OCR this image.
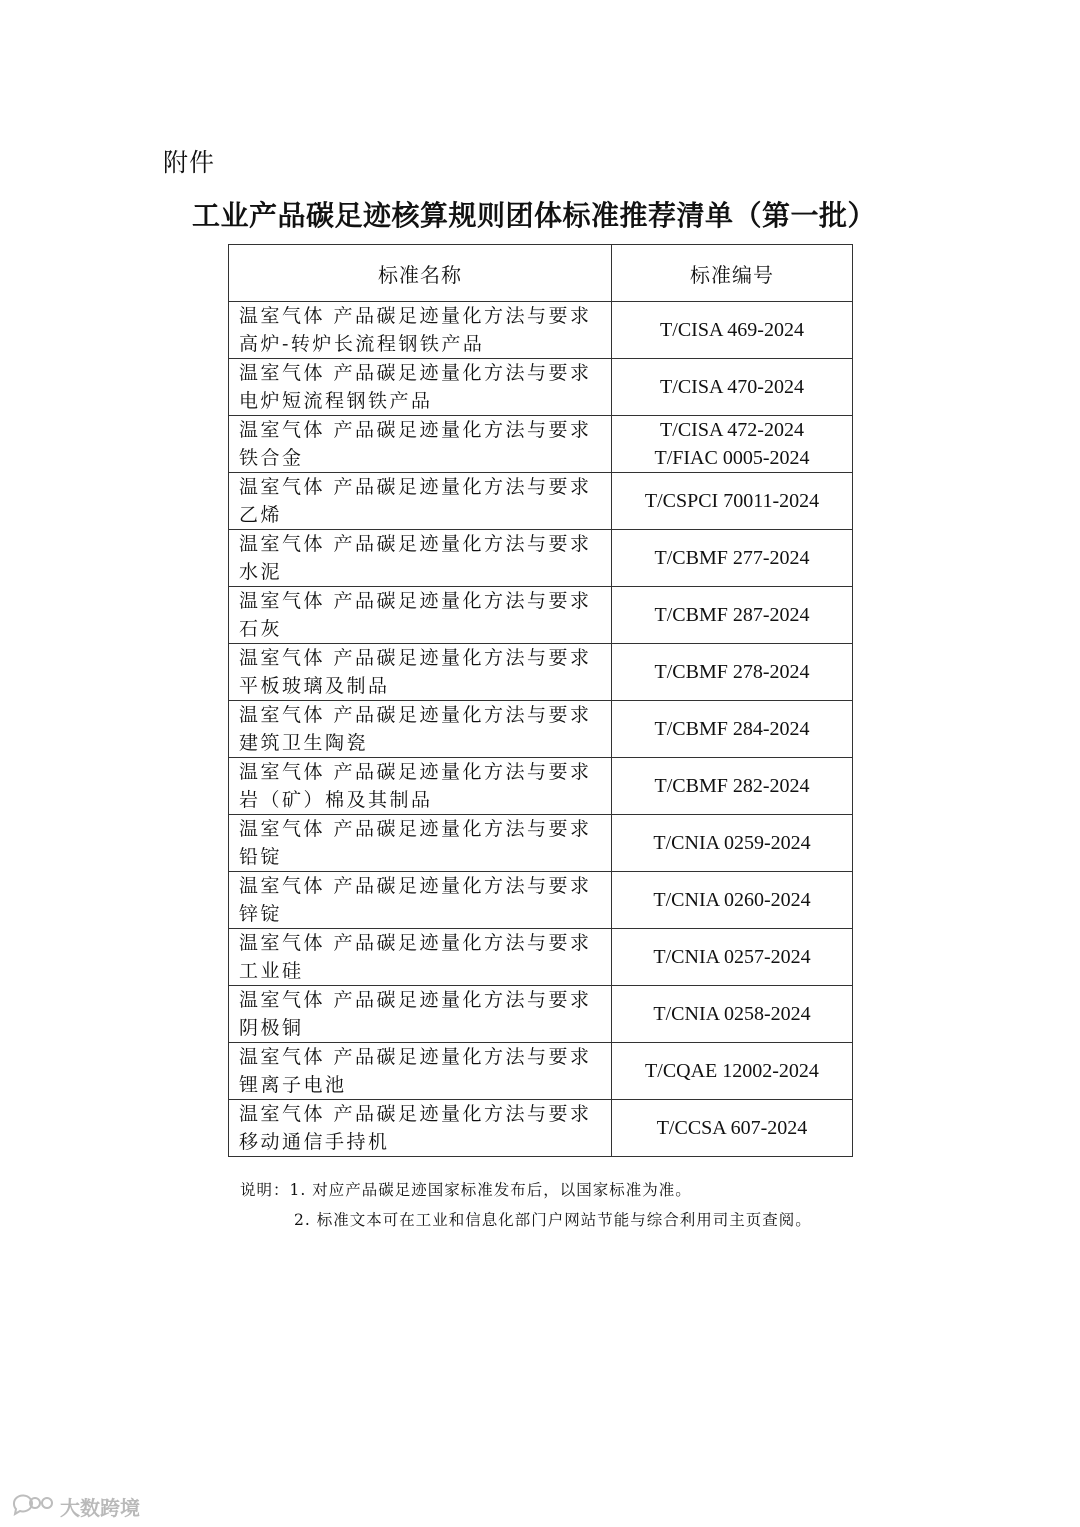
附件
工业产品碳足迹核算规则团体标准推荐清单（第一批）
标准名称	标准编号

温室气体 产品碳足迹量化方法与要求
高炉-转炉长流程钢铁产品	T/CISA 469-2024

温室气体 产品碳足迹量化方法与要求
电炉短流程钢铁产品	T/CISA 470-2024

温室气体 产品碳足迹量化方法与要求
铁合金	T/CISA 472-2024
T/FIAC 0005-2024

温室气体 产品碳足迹量化方法与要求
乙烯	T/CSPCI 70011-2024

温室气体 产品碳足迹量化方法与要求
水泥	T/CBMF 277-2024

温室气体 产品碳足迹量化方法与要求
石灰	T/CBMF 287-2024

温室气体 产品碳足迹量化方法与要求
平板玻璃及制品	T/CBMF 278-2024

温室气体 产品碳足迹量化方法与要求
建筑卫生陶瓷	T/CBMF 284-2024

温室气体 产品碳足迹量化方法与要求
岩（矿）棉及其制品	T/CBMF 282-2024

温室气体 产品碳足迹量化方法与要求
铅锭	T/CNIA 0259-2024

温室气体 产品碳足迹量化方法与要求
锌锭	T/CNIA 0260-2024

温室气体 产品碳足迹量化方法与要求
工业硅	T/CNIA 0257-2024

温室气体 产品碳足迹量化方法与要求
阴极铜	T/CNIA 0258-2024

温室气体 产品碳足迹量化方法与要求
锂离子电池	T/CQAE 12002-2024

温室气体 产品碳足迹量化方法与要求
移动通信手持机	T/CCSA 607-2024
说明：1. 对应产品碳足迹国家标准发布后，以国家标准为准。
2. 标准文本可在工业和信息化部门户网站节能与综合利用司主页查阅。
大数跨境
